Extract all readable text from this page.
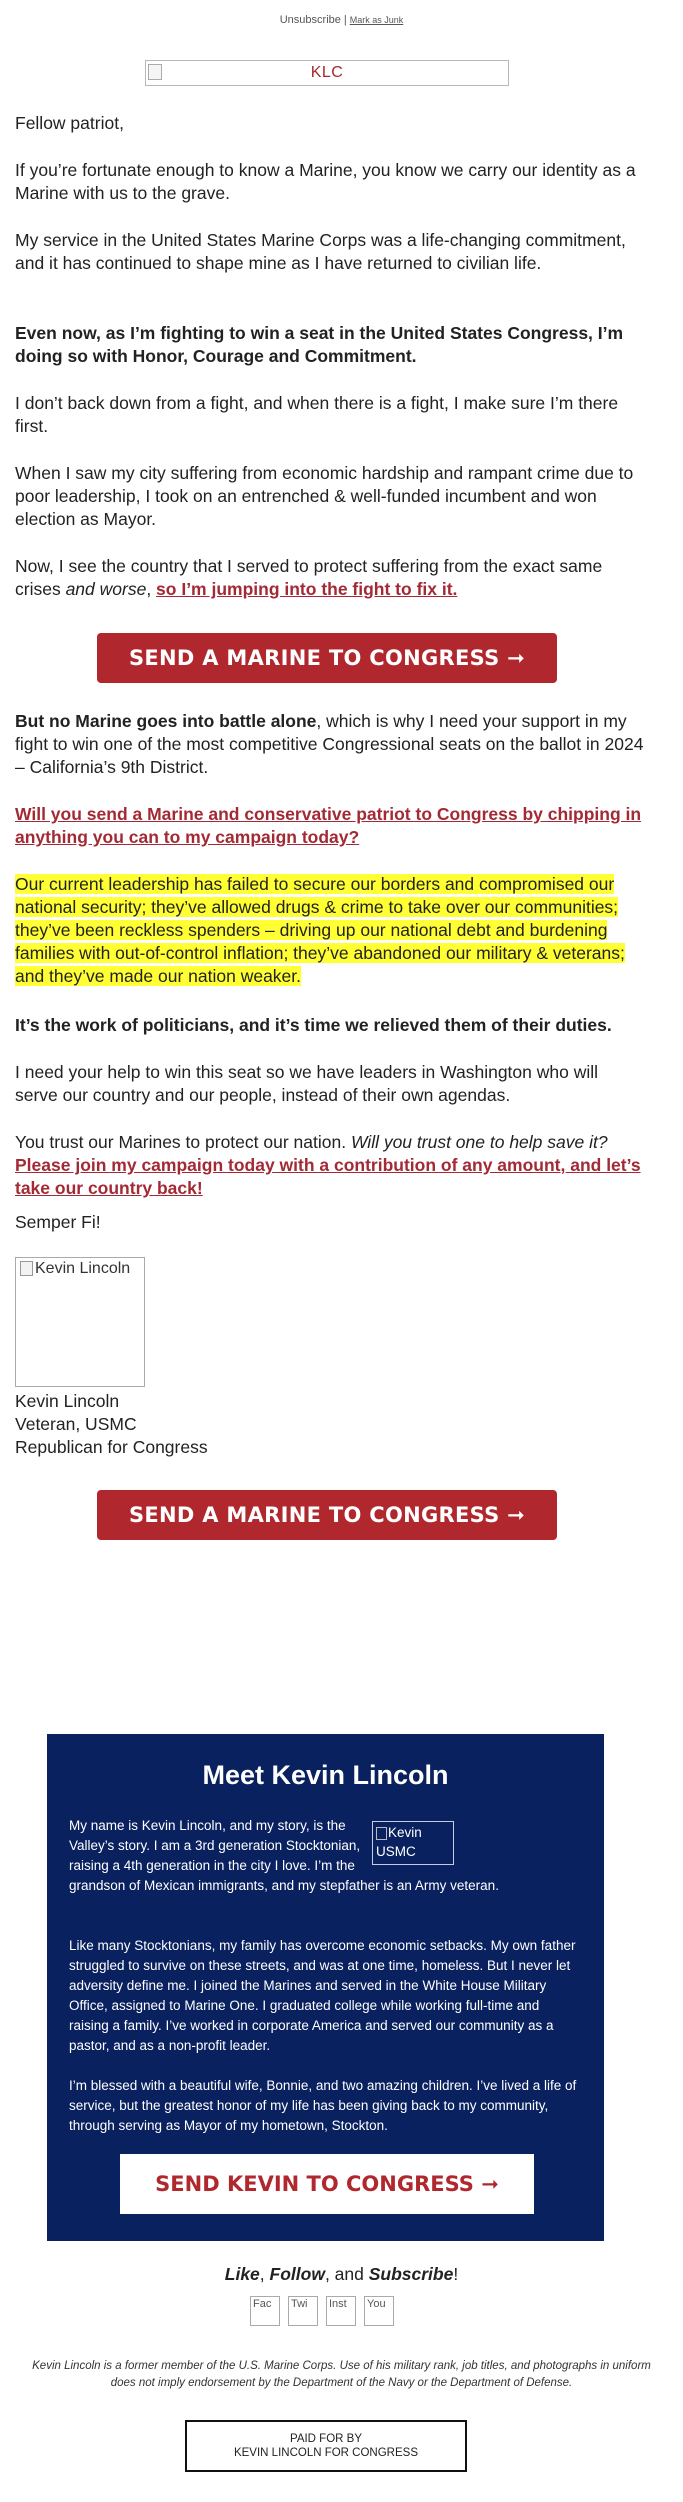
Unsubscribe | Mark as Junk
KLC

Fellow patriot,

If you’re fortunate enough to know a Marine, you know we carry our identity as a Marine with us to the grave.

My service in the United States Marine Corps was a life-changing commitment, and it has continued to shape mine as I have returned to civilian life.

Even now, as I’m fighting to win a seat in the United States Congress, I’m doing so with Honor, Courage and Commitment.

I don’t back down from a fight, and when there is a fight, I make sure I’m there first.

When I saw my city suffering from economic hardship and rampant crime due to poor leadership, I took on an entrenched & well-funded incumbent and won election as Mayor.

Now, I see the country that I served to protect suffering from the exact same crises and worse, so I’m jumping into the fight to fix it.

SEND A MARINE TO CONGRESS ➞

But no Marine goes into battle alone, which is why I need your support in my fight to win one of the most competitive Congressional seats on the ballot in 2024 – California’s 9th District.

Will you send a Marine and conservative patriot to Congress by chipping in anything you can to my campaign today?

Our current leadership has failed to secure our borders and compromised our national security; they’ve allowed drugs & crime to take over our communities; they’ve been reckless spenders – driving up our national debt and burdening families with out-of-control inflation; they’ve abandoned our military & veterans; and they’ve made our nation weaker.

It’s the work of politicians, and it’s time we relieved them of their duties.

I need your help to win this seat so we have leaders in Washington who will serve our country and our people, instead of their own agendas.

You trust our Marines to protect our nation. Will you trust one to help save it?
Please join my campaign today with a contribution of any amount, and let’s take our country back!

Semper Fi!

Kevin Lincoln

Kevin Lincoln

Veteran, USMC

Republican for Congress

SEND A MARINE TO CONGRESS ➞
Meet Kevin Lincoln
Kevin USMC

My name is Kevin Lincoln, and my story, is the Valley’s story. I am a 3rd generation Stocktonian, raising a 4th generation in the city I love. I’m the grandson of Mexican immigrants, and my stepfather is an Army veteran.

Like many Stocktonians, my family has overcome economic setbacks. My own father struggled to survive on these streets, and was at one time, homeless. But I never let adversity define me. I joined the Marines and served in the White House Military Office, assigned to Marine One. I graduated college while working full-time and raising a family. I’ve worked in corporate America and served our community as a pastor, and as a non-profit leader.

I’m blessed with a beautiful wife, Bonnie, and two amazing children. I’ve lived a life of service, but the greatest honor of my life has been giving back to my community, through serving as Mayor of my hometown, Stockton.

SEND KEVIN TO CONGRESS ➞
Like, Follow, and Subscribe!
Fac	Twi	Inst	You
Kevin Lincoln is a former member of the U.S. Marine Corps. Use of his military rank, job titles, and photographs in uniform does not imply endorsement by the Department of the Navy or the Department of Defense.
PAID FOR BY
KEVIN LINCOLN FOR CONGRESS
